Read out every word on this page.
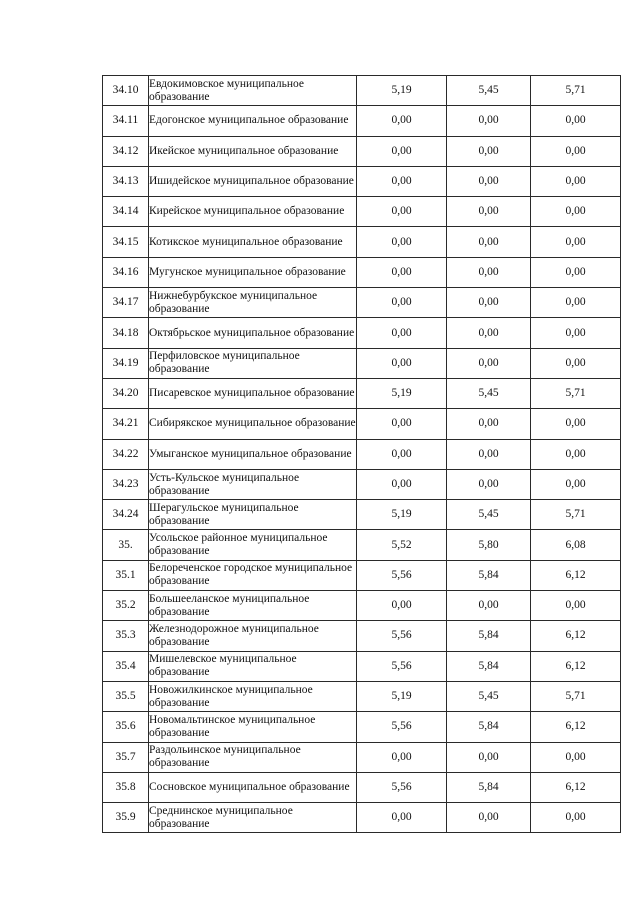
34.10	Евдокимовское муниципальное образование	5,19	5,45	5,71
34.11	Едогонское муниципальное образование	0,00	0,00	0,00
34.12	Икейское муниципальное образование	0,00	0,00	0,00
34.13	Ишидейское муниципальное образование	0,00	0,00	0,00
34.14	Кирейское муниципальное образование	0,00	0,00	0,00
34.15	Котикское муниципальное образование	0,00	0,00	0,00
34.16	Мугунское муниципальное образование	0,00	0,00	0,00
34.17	Нижнебурбукское муниципальное образование	0,00	0,00	0,00
34.18	Октябрьское муниципальное образование	0,00	0,00	0,00
34.19	Перфиловское муниципальное образование	0,00	0,00	0,00
34.20	Писаревское муниципальное образование	5,19	5,45	5,71
34.21	Сибирякское муниципальное образование	0,00	0,00	0,00
34.22	Умыганское муниципальное образование	0,00	0,00	0,00
34.23	Усть-Кульское муниципальное образование	0,00	0,00	0,00
34.24	Шерагульское муниципальное образование	5,19	5,45	5,71
35.	Усольское районное муниципальное образование	5,52	5,80	6,08
35.1	Белореченское городское муниципальное образование	5,56	5,84	6,12
35.2	Большееланское муниципальное образование	0,00	0,00	0,00
35.3	Железнодорожное муниципальное образование	5,56	5,84	6,12
35.4	Мишелевское муниципальное образование	5,56	5,84	6,12
35.5	Новожилкинское муниципальное образование	5,19	5,45	5,71
35.6	Новомальтинское муниципальное образование	5,56	5,84	6,12
35.7	Раздольинское муниципальное образование	0,00	0,00	0,00
35.8	Сосновское муниципальное образование	5,56	5,84	6,12
35.9	Среднинское муниципальное образование	0,00	0,00	0,00
